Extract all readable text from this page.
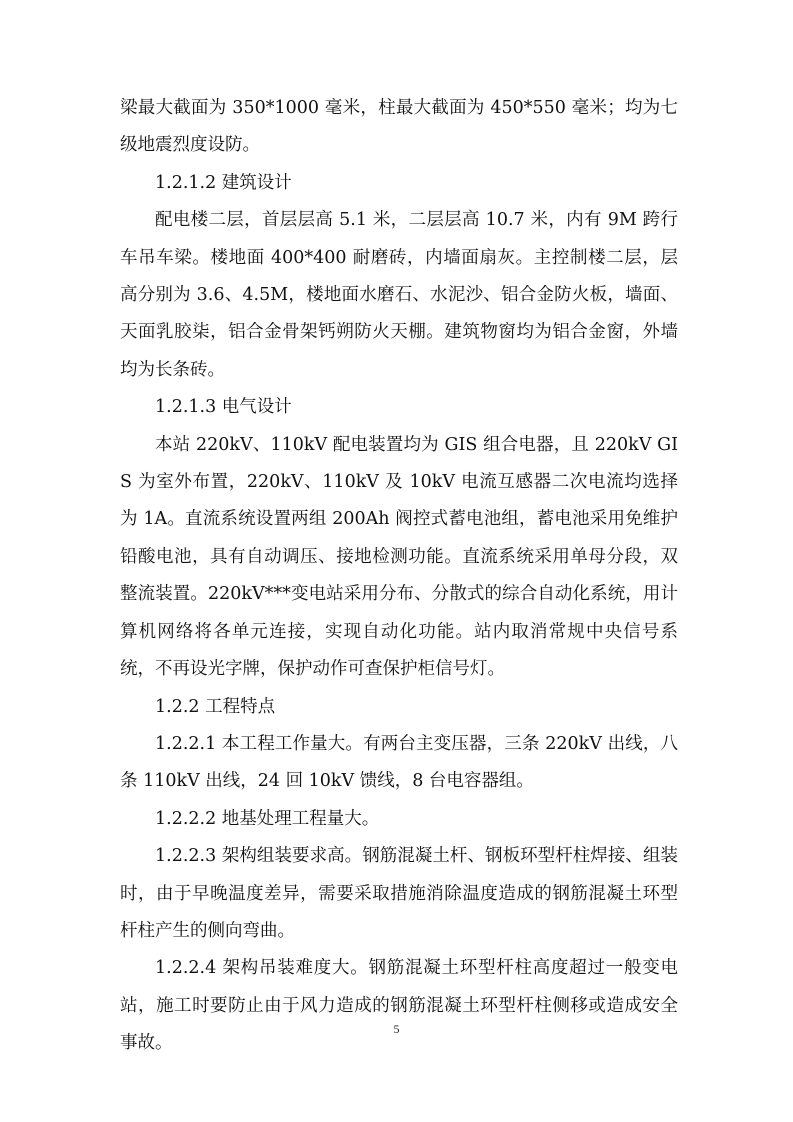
梁最大截面为 350*1000 毫米，柱最大截面为 450*550 毫米；均为七级地震烈度设防。

1.2.1.2 建筑设计

配电楼二层，首层层高 5.1 米，二层层高 10.7 米，内有 9M 跨行车吊车梁。楼地面 400*400 耐磨砖，内墙面扇灰。主控制楼二层，层高分别为 3.6、4.5M，楼地面水磨石、水泥沙、铝合金防火板，墙面、天面乳胶柒，铝合金骨架钙朔防火天棚。建筑物窗均为铝合金窗，外墙均为长条砖。

1.2.1.3 电气设计

本站 220kV、110kV 配电装置均为 GIS 组合电器，且 220kV GIS 为室外布置，220kV、110kV 及 10kV 电流互感器二次电流均选择为 1A。直流系统设置两组 200Ah 阀控式蓄电池组，蓄电池采用免维护铅酸电池，具有自动调压、接地检测功能。直流系统采用单母分段，双整流装置。220kV***变电站采用分布、分散式的综合自动化系统，用计算机网络将各单元连接，实现自动化功能。站内取消常规中央信号系统，不再设光字牌，保护动作可查保护柜信号灯。

1.2.2 工程特点

1.2.2.1 本工程工作量大。有两台主变压器，三条 220kV 出线，八条 110kV 出线，24 回 10kV 馈线，8 台电容器组。

1.2.2.2 地基处理工程量大。

1.2.2.3 架构组装要求高。钢筋混凝土杆、钢板环型杆柱焊接、组装时，由于早晚温度差异，需要采取措施消除温度造成的钢筋混凝土环型杆柱产生的侧向弯曲。

1.2.2.4 架构吊装难度大。钢筋混凝土环型杆柱高度超过一般变电站，施工时要防止由于风力造成的钢筋混凝土环型杆柱侧移或造成安全事故。

5
